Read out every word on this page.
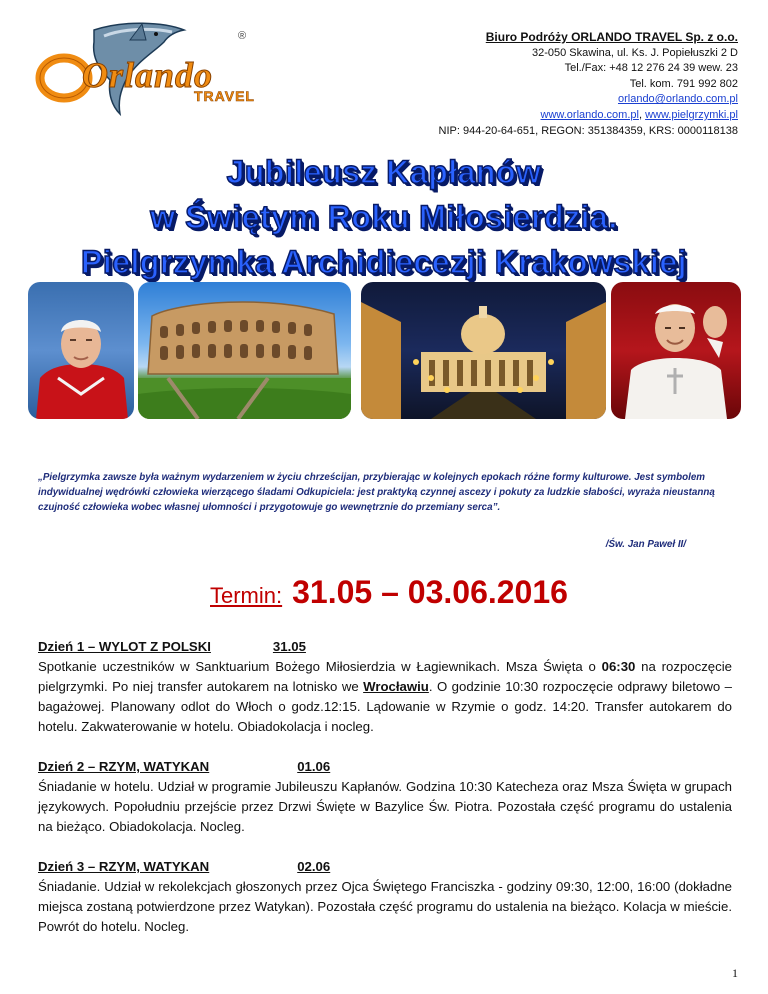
Orlando
TRAVEL
®	Biuro Podróży ORLANDO TRAVEL Sp. z o.o.
32-050 Skawina, ul. Ks. J. Popiełuszki 2 D
Tel./Fax: +48 12 276 24 39 wew. 23
Tel. kom. 791 992 802
orlando@orlando.com.pl
www.orlando.com.pl, www.pielgrzymki.pl
NIP: 944-20-64-651, REGON: 351384359, KRS: 0000118138
Jubileusz Kapłanów
w Świętym Roku Miłosierdzia.
Pielgrzymka Archidiecezji Krakowskiej
„Pielgrzymka zawsze była ważnym wydarzeniem w życiu chrześcijan, przybierając w kolejnych epokach różne formy kulturowe. Jest symbolem indywidualnej wędrówki człowieka wierzącego śladami Odkupiciela: jest praktyką czynnej ascezy i pokuty za ludzkie słabości, wyraża nieustanną czujność człowieka wobec własnej ułomności i przygotowuje go wewnętrznie do przemiany serca”.
/Św. Jan Paweł II/
Termin: 31.05 – 03.06.2016
Dzień 1 – WYLOT Z POLSKI	31.05
Spotkanie uczestników w Sanktuarium Bożego Miłosierdzia w Łagiewnikach. Msza Święta o 06:30 na rozpoczęcie pielgrzymki. Po niej transfer autokarem na lotnisko we Wrocławiu. O godzinie 10:30 rozpoczęcie odprawy biletowo – bagażowej. Planowany odlot do Włoch o godz.12:15. Lądowanie w Rzymie o godz. 14:20. Transfer autokarem do hotelu. Zakwaterowanie w hotelu. Obiadokolacja i nocleg.
Dzień 2 – RZYM, WATYKAN	01.06
Śniadanie w hotelu. Udział w programie Jubileuszu Kapłanów. Godzina 10:30 Katecheza oraz Msza Święta w grupach językowych. Popołudniu przejście przez Drzwi Święte w Bazylice Św. Piotra. Pozostała część programu do ustalenia na bieżąco. Obiadokolacja. Nocleg.
Dzień 3 – RZYM, WATYKAN	02.06
Śniadanie. Udział w rekolekcjach głoszonych przez Ojca Świętego Franciszka - godziny 09:30, 12:00, 16:00 (dokładne miejsca zostaną potwierdzone przez Watykan). Pozostała część programu do ustalenia na bieżąco. Kolacja w mieście. Powrót do hotelu. Nocleg.
1
